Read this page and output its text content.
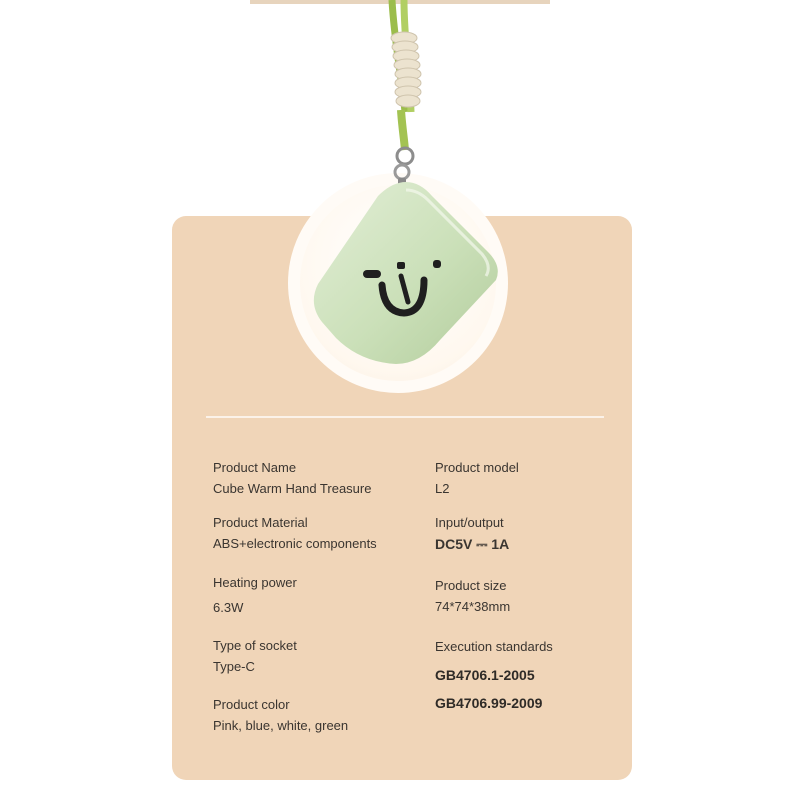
Product Name
Cube Warm Hand Treasure
Product model
L2
Product Material
ABS+electronic components
Input/output
DC5V ⎓ 1A
Heating power
6.3W
Product size
74*74*38mm
Type of socket
Type-C
Execution standards
GB4706.1-2005
GB4706.99-2009
Product color
Pink, blue, white, green
